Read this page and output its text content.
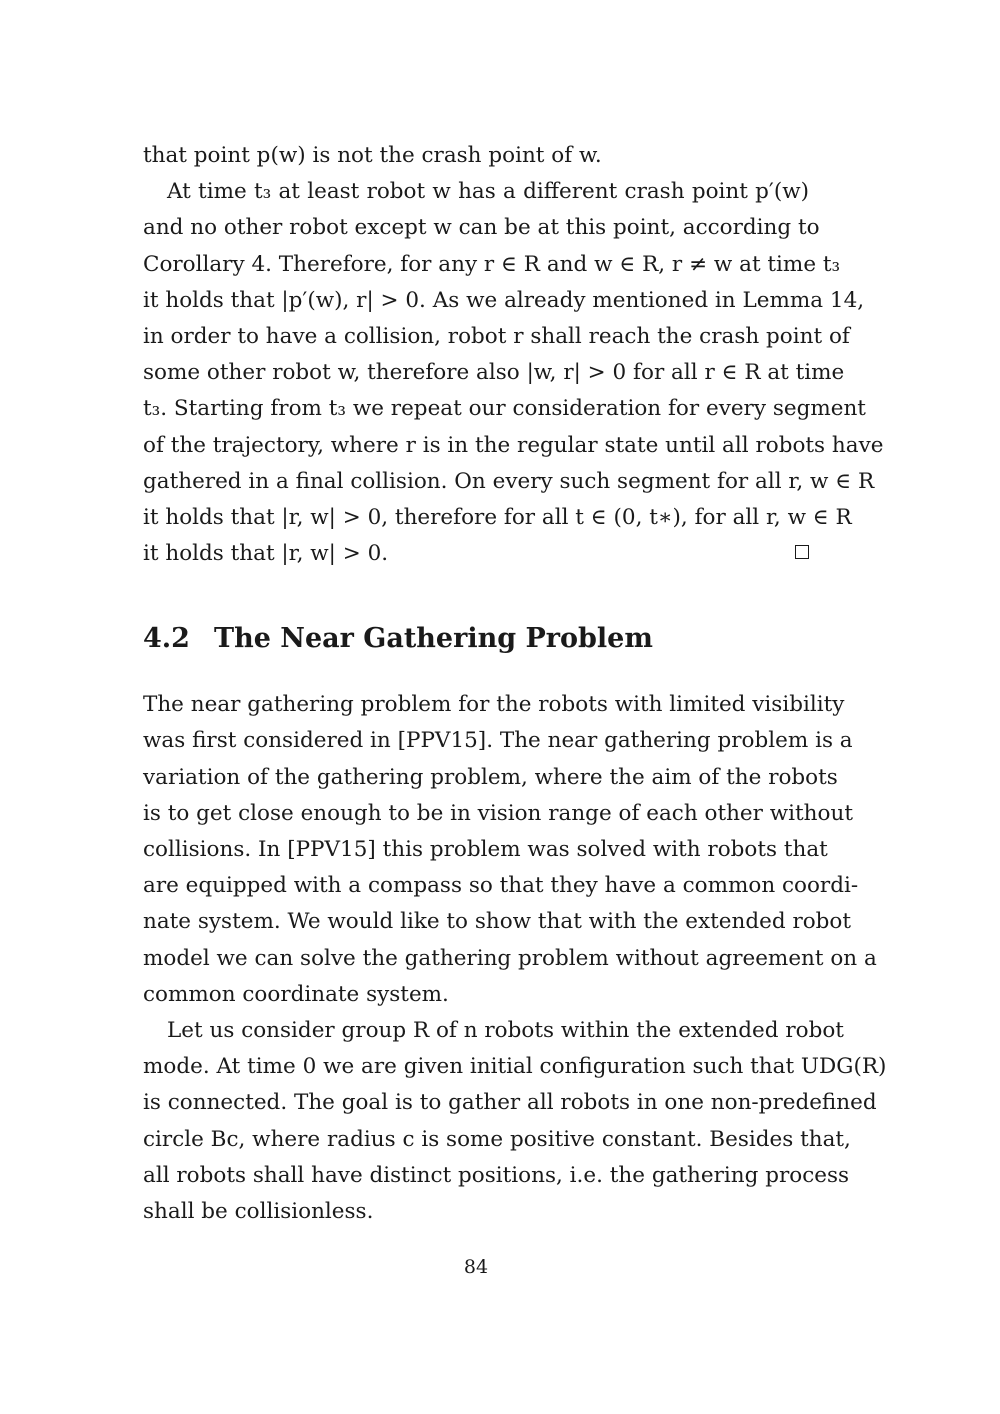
that point p(w) is not the crash point of w.
At time t₃ at least robot w has a different crash point p′(w)
and no other robot except w can be at this point, according to
Corollary 4. Therefore, for any r ∈ R and w ∈ R, r ≠ w at time t₃
it holds that |p′(w), r| > 0. As we already mentioned in Lemma 14,
in order to have a collision, robot r shall reach the crash point of
some other robot w, therefore also |w, r| > 0 for all r ∈ R at time
t₃. Starting from t₃ we repeat our consideration for every segment
of the trajectory, where r is in the regular state until all robots have
gathered in a final collision. On every such segment for all r, w ∈ R
it holds that |r, w| > 0, therefore for all t ∈ (0, t∗), for all r, w ∈ R
it holds that |r, w| > 0.
4.2 The Near Gathering Problem
The near gathering problem for the robots with limited visibility
was first considered in [PPV15]. The near gathering problem is a
variation of the gathering problem, where the aim of the robots
is to get close enough to be in vision range of each other without
collisions. In [PPV15] this problem was solved with robots that
are equipped with a compass so that they have a common coordi-
nate system. We would like to show that with the extended robot
model we can solve the gathering problem without agreement on a
common coordinate system.
Let us consider group R of n robots within the extended robot
mode. At time 0 we are given initial configuration such that UDG(R)
is connected. The goal is to gather all robots in one non-predefined
circle Bc, where radius c is some positive constant. Besides that,
all robots shall have distinct positions, i.e. the gathering process
shall be collisionless.
84
